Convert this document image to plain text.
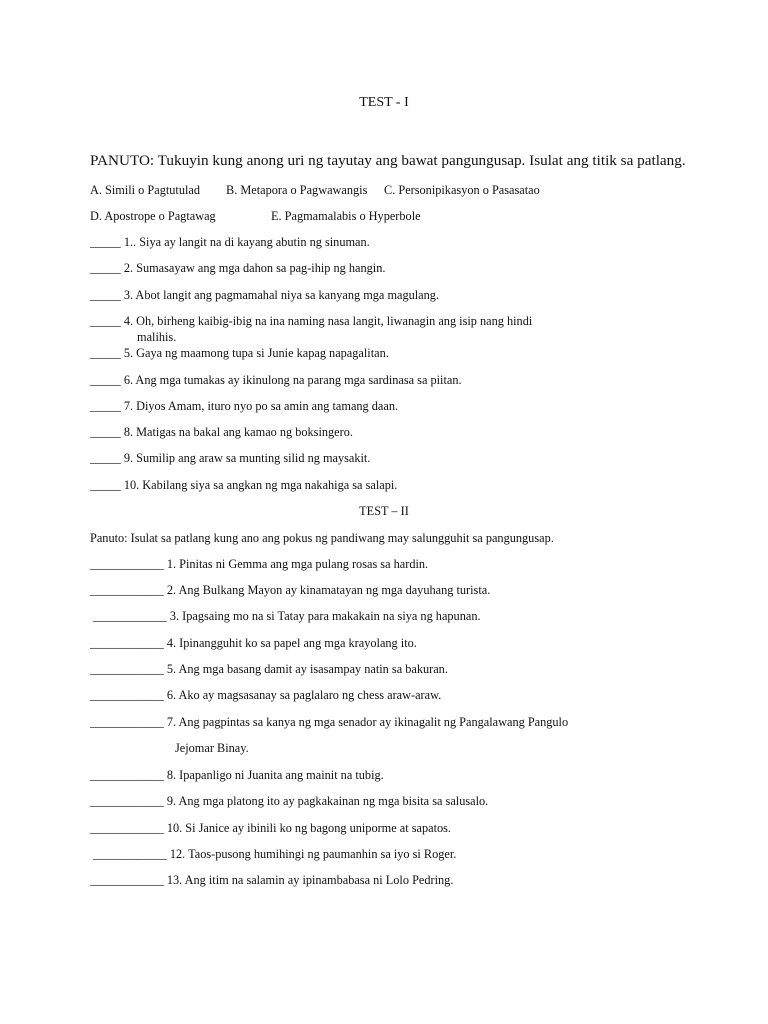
TEST - I
PANUTO: Tukuyin kung anong uri ng tayutay ang bawat pangungusap. Isulat ang titik sa patlang.
A. Simili o Pagtutulad B. Metapora o Pagwawangis C. Personipikasyon o Pasasatao
D. Apostrope o Pagtawag	E. Pagmamalabis o Hyperbole
_____ 1.. Siya ay langit na di kayang abutin ng sinuman.
_____ 2. Sumasayaw ang mga dahon sa pag-ihip ng hangin.
_____ 3. Abot langit ang pagmamahal niya sa kanyang mga magulang.
_____ 4. Oh, birheng kaibig-ibig na ina naming nasa langit, liwanagin ang isip nang hindi
malihis.
_____ 5. Gaya ng maamong tupa si Junie kapag napagalitan.
_____ 6. Ang mga tumakas ay ikinulong na parang mga sardinasa sa piitan.
_____ 7. Diyos Amam, ituro nyo po sa amin ang tamang daan.
_____ 8. Matigas na bakal ang kamao ng boksingero.
_____ 9. Sumilip ang araw sa munting silid ng maysakit.
_____ 10. Kabilang siya sa angkan ng mga nakahiga sa salapi.
TEST – II
Panuto: Isulat sa patlang kung ano ang pokus ng pandiwang may salungguhit sa pangungusap.
____________ 1. Pinitas ni Gemma ang mga pulang rosas sa hardin.
____________ 2. Ang Bulkang Mayon ay kinamatayan ng mga dayuhang turista.
____________ 3. Ipagsaing mo na si Tatay para makakain na siya ng hapunan.
____________ 4. Ipinangguhit ko sa papel ang mga krayolang ito.
____________ 5. Ang mga basang damit ay isasampay natin sa bakuran.
____________ 6. Ako ay magsasanay sa paglalaro ng chess araw-araw.
____________ 7. Ang pagpintas sa kanya ng mga senador ay ikinagalit ng Pangalawang Pangulo
Jejomar Binay.
____________ 8. Ipapanligo ni Juanita ang mainit na tubig.
____________ 9. Ang mga platong ito ay pagkakainan ng mga bisita sa salusalo.
____________ 10. Si Janice ay ibinili ko ng bagong uniporme at sapatos.
____________ 12. Taos-pusong humihingi ng paumanhin sa iyo si Roger.
____________ 13. Ang itim na salamin ay ipinambabasa ni Lolo Pedring.
